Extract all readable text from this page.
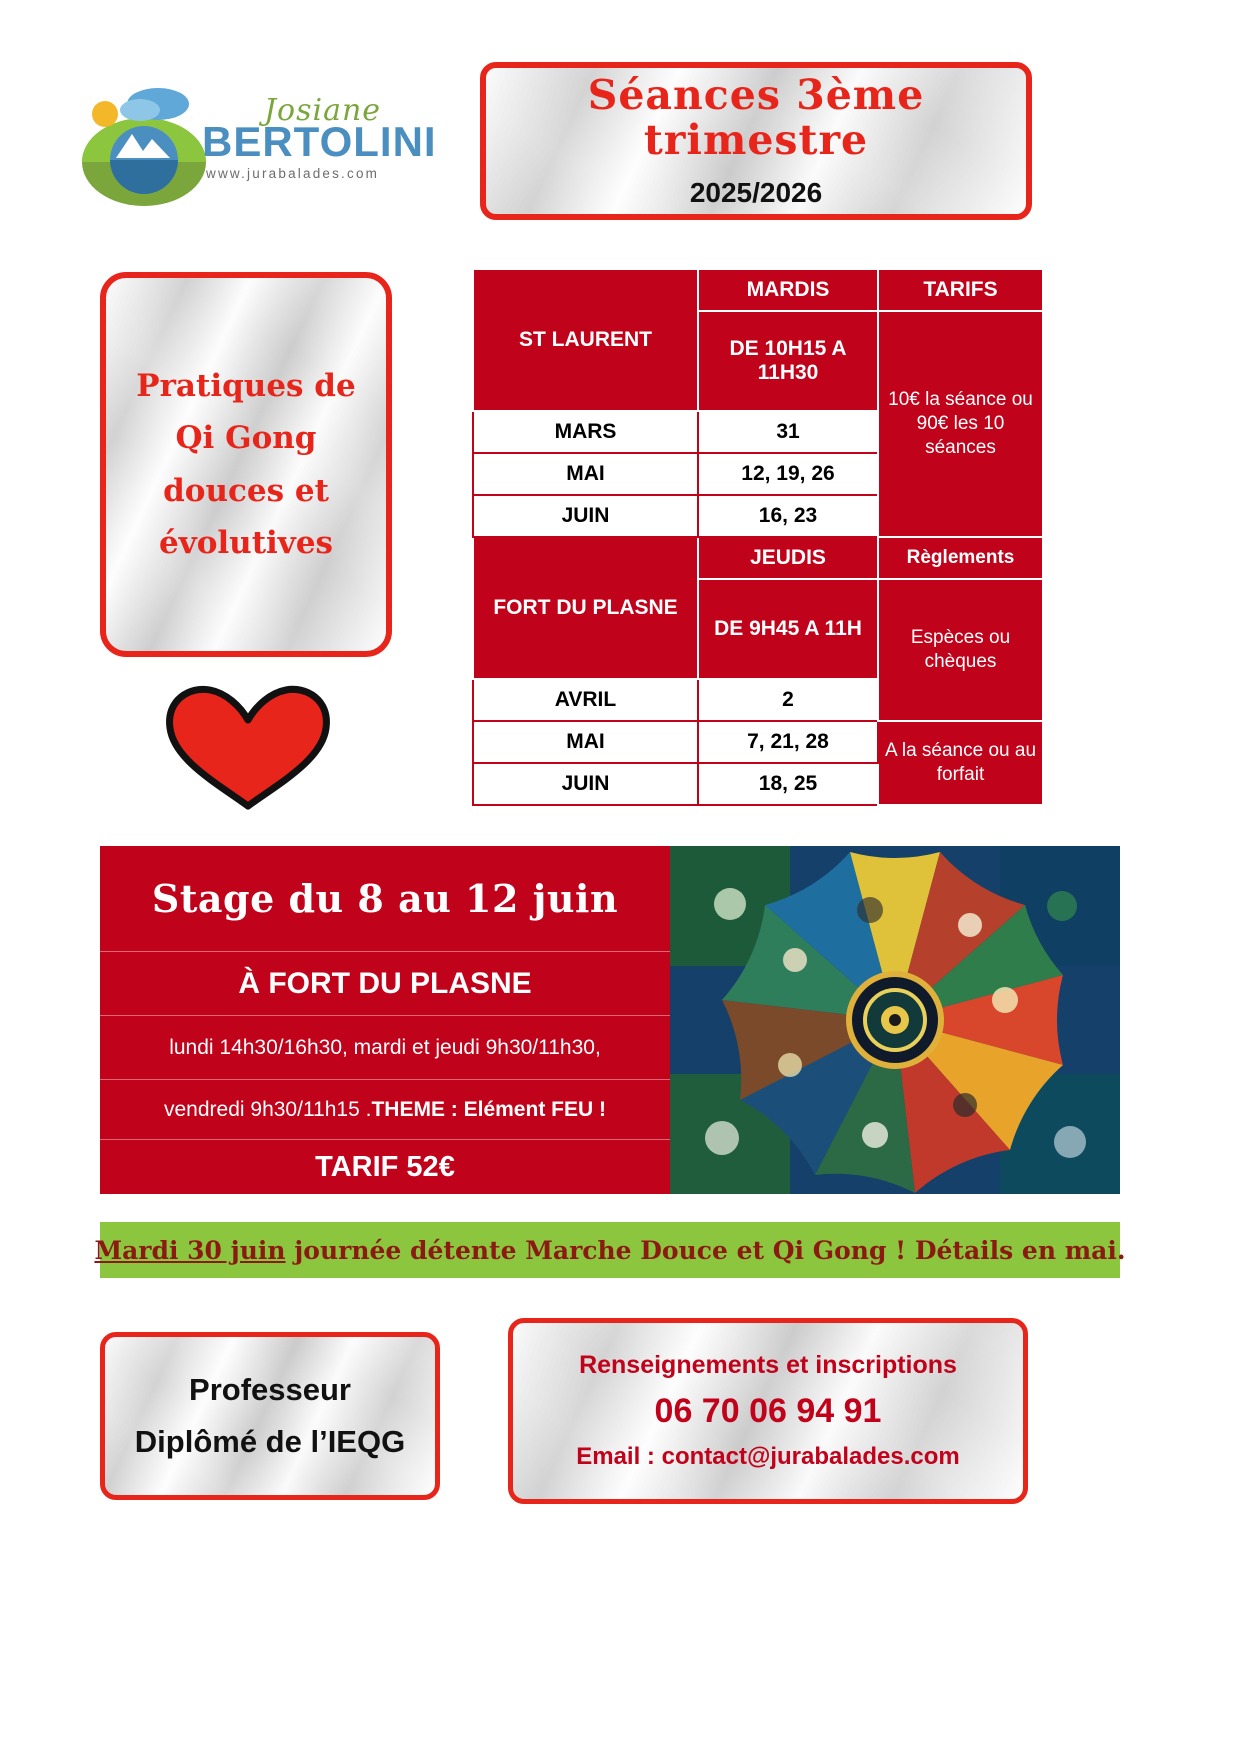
Josiane
BERTOLINI
www.jurabalades.com
Séances 3ème trimestre
2025/2026
Pratiques de
Qi Gong
douces et
évolutives
ST LAURENT	MARDIS	TARIFS
	DE 10H15 A 11H30	10€ la séance ou 90€ les 10 séances
MARS	31	
MAI	12, 19, 26	
JUIN	16, 23	
FORT DU PLASNE	JEUDIS	Règlements
	DE 9H45 A 11H	Espèces ou chèques
AVRIL	2	
MAI	7, 21, 28	A la séance ou au forfait
JUIN	18, 25	
Stage du 8 au 12 juin
À FORT DU PLASNE
lundi 14h30/16h30, mardi et jeudi 9h30/11h30,
vendredi 9h30/11h15 . THEME : Elément FEU !
TARIF 52€
Mardi 30 juin journée détente Marche Douce et Qi Gong ! Détails en mai.
Professeur
Diplômé de l’IEQG
Renseignements et inscriptions
06 70 06 94 91
Email : contact@jurabalades.com
